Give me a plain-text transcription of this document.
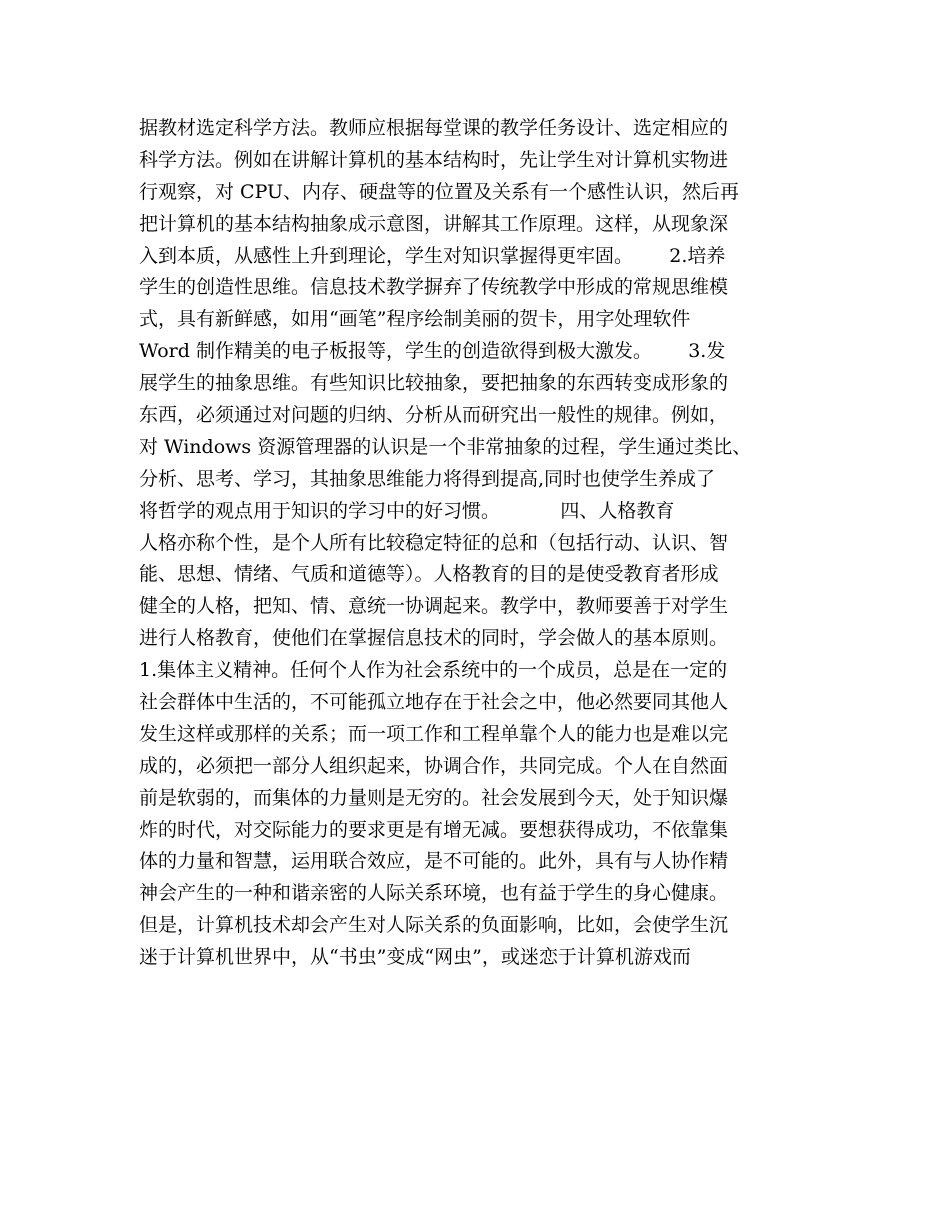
据教材选定科学方法。教师应根据每堂课的教学任务设计、选定相应的
科学方法。例如在讲解计算机的基本结构时，先让学生对计算机实物进
行观察，对 CPU、内存、硬盘等的位置及关系有一个感性认识，然后再
把计算机的基本结构抽象成示意图，讲解其工作原理。这样，从现象深
入到本质，从感性上升到理论，学生对知识掌握得更牢固。      2.培养
学生的创造性思维。信息技术教学摒弃了传统教学中形成的常规思维模
式，具有新鲜感，如用“画笔”程序绘制美丽的贺卡，用字处理软件
Word 制作精美的电子板报等，学生的创造欲得到极大激发。      3.发
展学生的抽象思维。有些知识比较抽象，要把抽象的东西转变成形象的
东西，必须通过对问题的归纳、分析从而研究出一般性的规律。例如，
对 Windows 资源管理器的认识是一个非常抽象的过程，学生通过类比、
分析、思考、学习，其抽象思维能力将得到提高,同时也使学生养成了
将哲学的观点用于知识的学习中的好习惯。          四、人格教育
人格亦称个性，是个人所有比较稳定特征的总和（包括行动、认识、智
能、思想、情绪、气质和道德等）。人格教育的目的是使受教育者形成
健全的人格，把知、情、意统一协调起来。教学中，教师要善于对学生
进行人格教育，使他们在掌握信息技术的同时，学会做人的基本原则。
1.集体主义精神。任何个人作为社会系统中的一个成员，总是在一定的
社会群体中生活的，不可能孤立地存在于社会之中，他必然要同其他人
发生这样或那样的关系；而一项工作和工程单靠个人的能力也是难以完
成的，必须把一部分人组织起来，协调合作，共同完成。个人在自然面
前是软弱的，而集体的力量则是无穷的。社会发展到今天，处于知识爆
炸的时代，对交际能力的要求更是有增无减。要想获得成功，不依靠集
体的力量和智慧，运用联合效应，是不可能的。此外，具有与人协作精
神会产生的一种和谐亲密的人际关系环境，也有益于学生的身心健康。
但是，计算机技术却会产生对人际关系的负面影响，比如，会使学生沉
迷于计算机世界中，从“书虫”变成“网虫”，或迷恋于计算机游戏而
